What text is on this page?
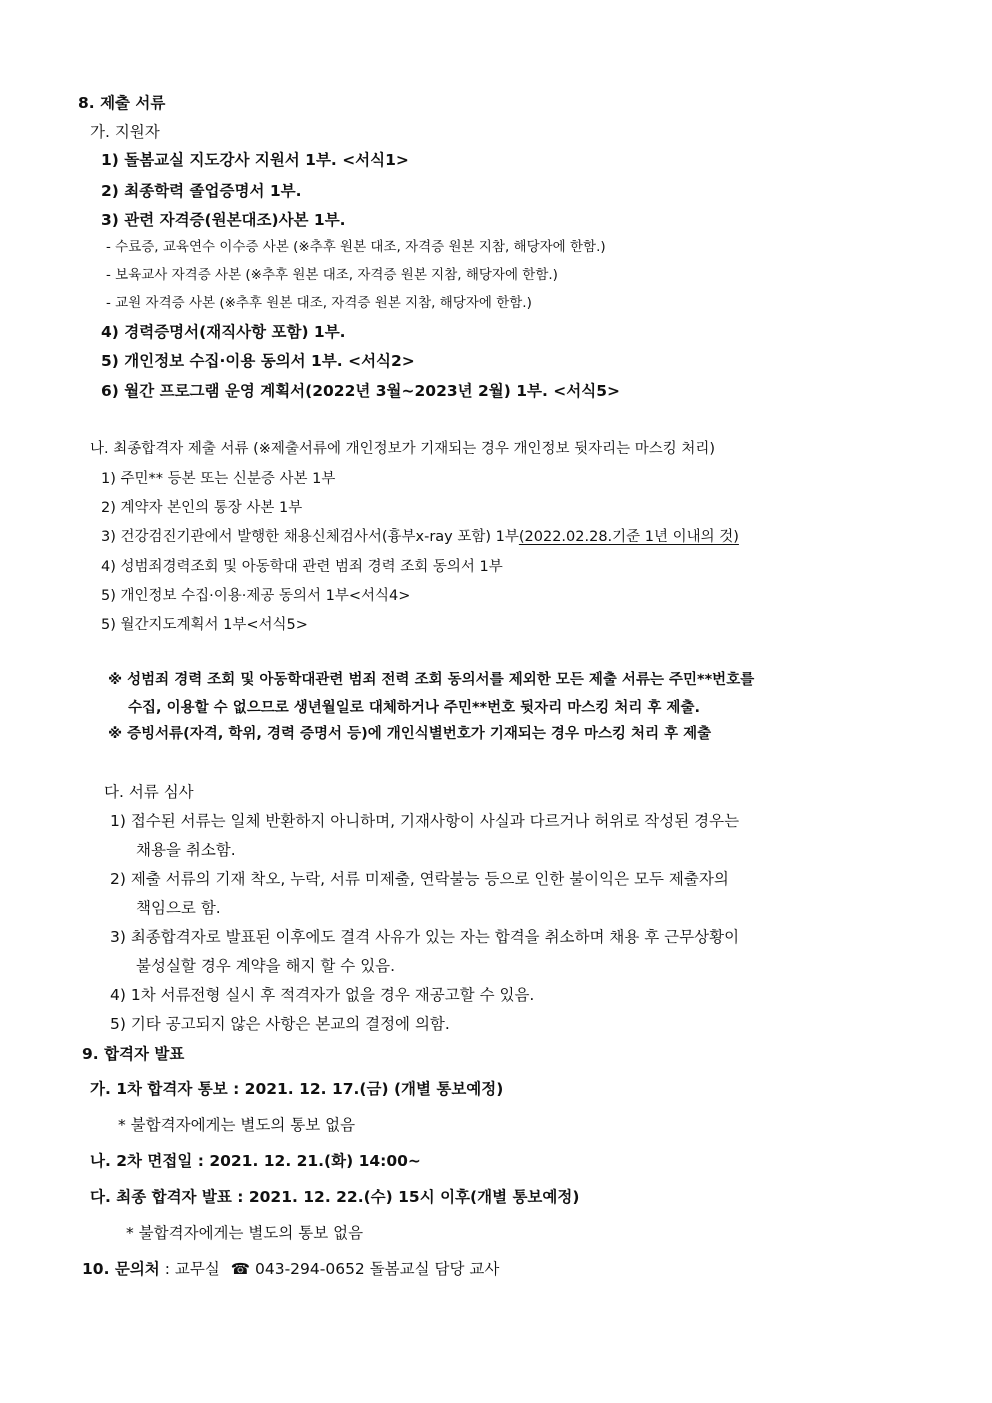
8. 제출 서류
가. 지원자
1) 돌봄교실 지도강사 지원서 1부. <서식1>
2) 최종학력 졸업증명서 1부.
3) 관련 자격증(원본대조)사본 1부.
- 수료증, 교육연수 이수증 사본 (※추후 원본 대조, 자격증 원본 지참, 해당자에 한함.)
- 보육교사 자격증 사본 (※추후 원본 대조, 자격증 원본 지참, 해당자에 한함.)
- 교원 자격증 사본 (※추후 원본 대조, 자격증 원본 지참, 해당자에 한함.)
4) 경력증명서(재직사항 포함) 1부.
5) 개인정보 수집·이용 동의서 1부. <서식2>
6) 월간 프로그램 운영 계획서(2022년 3월~2023년 2월) 1부. <서식5>
나. 최종합격자 제출 서류 (※제출서류에 개인정보가 기재되는 경우 개인정보 뒷자리는 마스킹 처리)
1) 주민** 등본 또는 신분증 사본 1부
2) 계약자 본인의 통장 사본 1부
3) 건강검진기관에서 발행한 채용신체검사서(흉부x-ray 포함) 1부(2022.02.28.기준 1년 이내의 것)
4) 성범죄경력조회 및 아동학대 관련 범죄 경력 조회 동의서 1부
5) 개인정보 수집·이용·제공 동의서 1부<서식4>
5) 월간지도계획서 1부<서식5>
※ 성범죄 경력 조회 및 아동학대관련 범죄 전력 조회 동의서를 제외한 모든 제출 서류는 주민**번호를
수집, 이용할 수 없으므로 생년월일로 대체하거나 주민**번호 뒷자리 마스킹 처리 후 제출.
※ 증빙서류(자격, 학위, 경력 증명서 등)에 개인식별번호가 기재되는 경우 마스킹 처리 후 제출
다. 서류 심사
1) 접수된 서류는 일체 반환하지 아니하며, 기재사항이 사실과 다르거나 허위로 작성된 경우는
채용을 취소함.
2) 제출 서류의 기재 착오, 누락, 서류 미제출, 연락불능 등으로 인한 불이익은 모두 제출자의
책임으로 함.
3) 최종합격자로 발표된 이후에도 결격 사유가 있는 자는 합격을 취소하며 채용 후 근무상황이
불성실할 경우 계약을 해지 할 수 있음.
4) 1차 서류전형 실시 후 적격자가 없을 경우 재공고할 수 있음.
5) 기타 공고되지 않은 사항은 본교의 결정에 의함.
9. 합격자 발표
가. 1차 합격자 통보 : 2021. 12. 17.(금) (개별 통보예정)
* 불합격자에게는 별도의 통보 없음
나. 2차 면접일 : 2021. 12. 21.(화) 14:00~
다. 최종 합격자 발표 : 2021. 12. 22.(수) 15시 이후(개별 통보예정)
* 불합격자에게는 별도의 통보 없음
10. 문의처 : 교무실 ☎ 043-294-0652 돌봄교실 담당 교사
